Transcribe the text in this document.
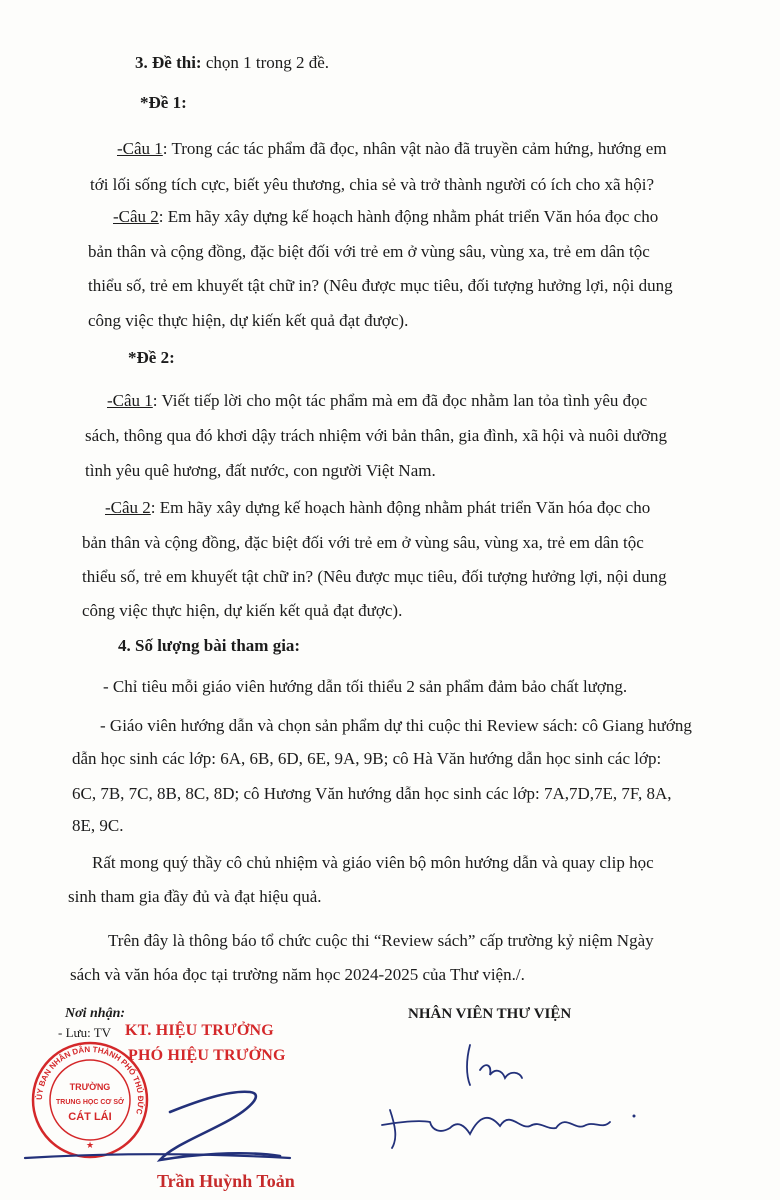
3. Đề thi: chọn 1 trong 2 đề.
*Đề 1:
-Câu 1: Trong các tác phẩm đã đọc, nhân vật nào đã truyền cảm hứng, hướng em
tới lối sống tích cực, biết yêu thương, chia sẻ và trở thành người có ích cho xã hội?
-Câu 2: Em hãy xây dựng kế hoạch hành động nhằm phát triển Văn hóa đọc cho
bản thân và cộng đồng, đặc biệt đối với trẻ em ở vùng sâu, vùng xa, trẻ em dân tộc
thiểu số, trẻ em khuyết tật chữ in? (Nêu được mục tiêu, đối tượng hưởng lợi, nội dung
công việc thực hiện, dự kiến kết quả đạt được).
*Đề 2:
-Câu 1: Viết tiếp lời cho một tác phẩm mà em đã đọc nhằm lan tỏa tình yêu đọc
sách, thông qua đó khơi dậy trách nhiệm với bản thân, gia đình, xã hội và nuôi dưỡng
tình yêu quê hương, đất nước, con người Việt Nam.
-Câu 2: Em hãy xây dựng kế hoạch hành động nhằm phát triển Văn hóa đọc cho
bản thân và cộng đồng, đặc biệt đối với trẻ em ở vùng sâu, vùng xa, trẻ em dân tộc
thiểu số, trẻ em khuyết tật chữ in? (Nêu được mục tiêu, đối tượng hưởng lợi, nội dung
công việc thực hiện, dự kiến kết quả đạt được).
4. Số lượng bài tham gia:
- Chỉ tiêu mỗi giáo viên hướng dẫn tối thiểu 2 sản phẩm đảm bảo chất lượng.
- Giáo viên hướng dẫn và chọn sản phẩm dự thi cuộc thi Review sách: cô Giang hướng
dẫn học sinh các lớp: 6A, 6B, 6D, 6E, 9A, 9B; cô Hà Văn hướng dẫn học sinh các lớp:
6C, 7B, 7C, 8B, 8C, 8D; cô Hương Văn hướng dẫn học sinh các lớp: 7A,7D,7E, 7F, 8A,
8E, 9C.
Rất mong quý thầy cô chủ nhiệm và giáo viên bộ môn hướng dẫn và quay clip học
sinh tham gia đầy đủ và đạt hiệu quả.
Trên đây là thông báo tổ chức cuộc thi “Review sách” cấp trường kỷ niệm Ngày
sách và văn hóa đọc tại trường năm học 2024-2025 của Thư viện./.
Nơi nhận:
- Lưu: TV KT. HIỆU TRƯỞNG
PHÓ HIỆU TRƯỞNG
ỦY BAN NHÂN DÂN THÀNH PHỐ THỦ ĐỨC
TRƯỜNG
TRUNG HỌC CƠ SỞ
CÁT LÁI
★
Trần Huỳnh Toản
NHÂN VIÊN THƯ VIỆN
